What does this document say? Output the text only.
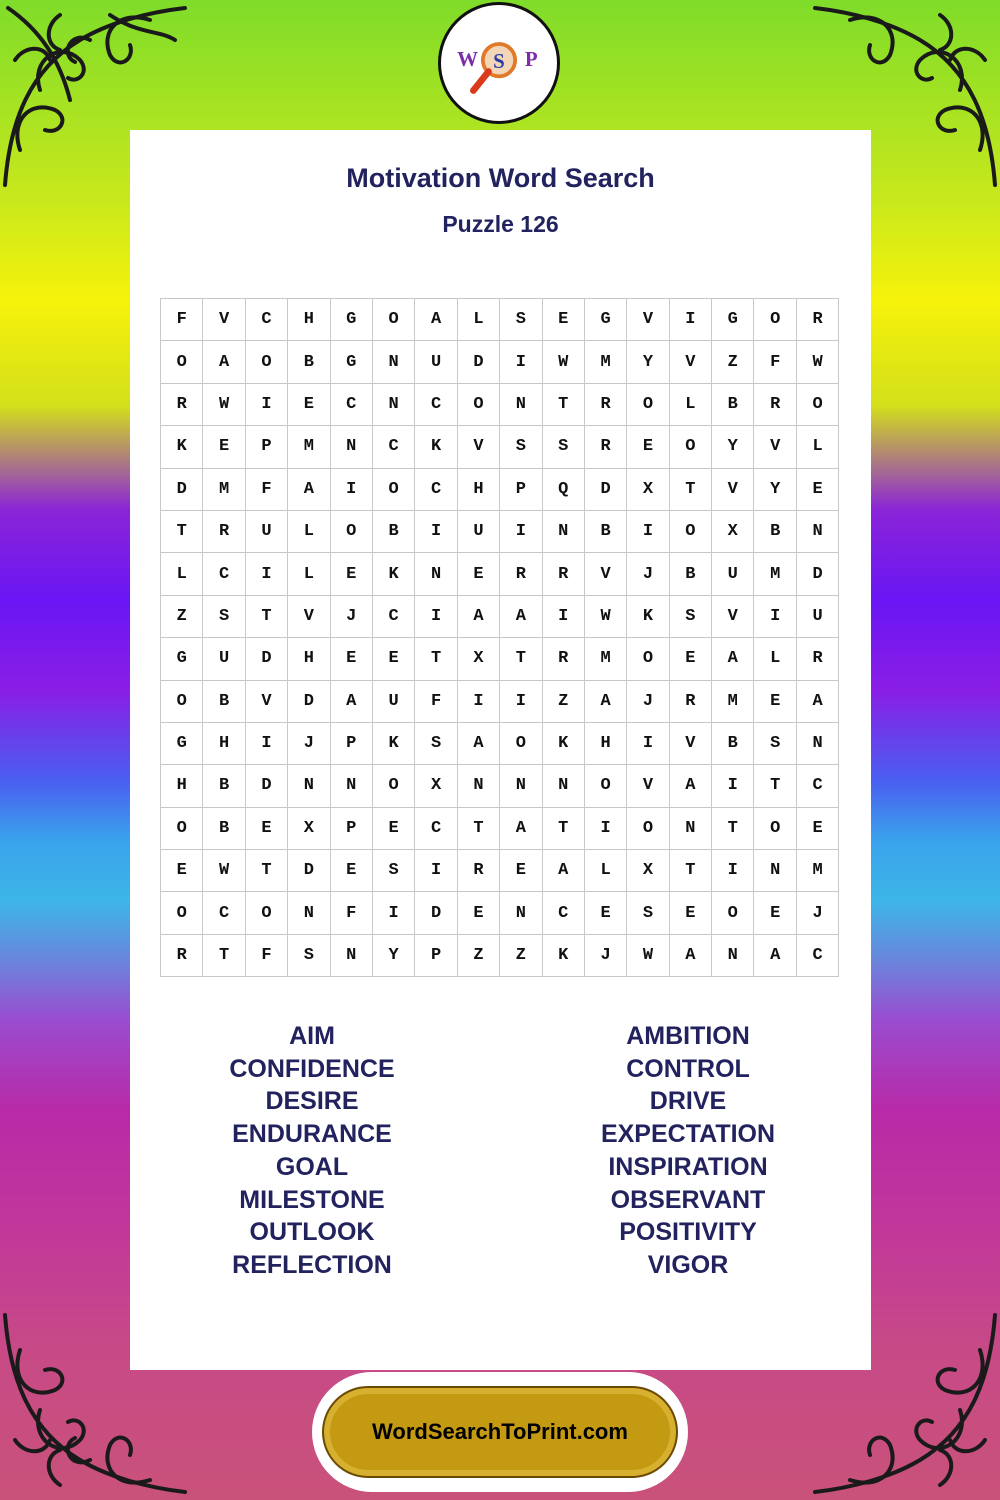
W S P
Motivation Word Search
Puzzle 126
F	V	C	H	G	O	A	L	S	E	G	V	I	G	O	R
O	A	O	B	G	N	U	D	I	W	M	Y	V	Z	F	W
R	W	I	E	C	N	C	O	N	T	R	O	L	B	R	O
K	E	P	M	N	C	K	V	S	S	R	E	O	Y	V	L
D	M	F	A	I	O	C	H	P	Q	D	X	T	V	Y	E
T	R	U	L	O	B	I	U	I	N	B	I	O	X	B	N
L	C	I	L	E	K	N	E	R	R	V	J	B	U	M	D
Z	S	T	V	J	C	I	A	A	I	W	K	S	V	I	U
G	U	D	H	E	E	T	X	T	R	M	O	E	A	L	R
O	B	V	D	A	U	F	I	I	Z	A	J	R	M	E	A
G	H	I	J	P	K	S	A	O	K	H	I	V	B	S	N
H	B	D	N	N	O	X	N	N	N	O	V	A	I	T	C
O	B	E	X	P	E	C	T	A	T	I	O	N	T	O	E
E	W	T	D	E	S	I	R	E	A	L	X	T	I	N	M
O	C	O	N	F	I	D	E	N	C	E	S	E	O	E	J
R	T	F	S	N	Y	P	Z	Z	K	J	W	A	N	A	C
AIM
CONFIDENCE
DESIRE
ENDURANCE
GOAL
MILESTONE
OUTLOOK
REFLECTION
AMBITION
CONTROL
DRIVE
EXPECTATION
INSPIRATION
OBSERVANT
POSITIVITY
VIGOR
WordSearchToPrint.com
